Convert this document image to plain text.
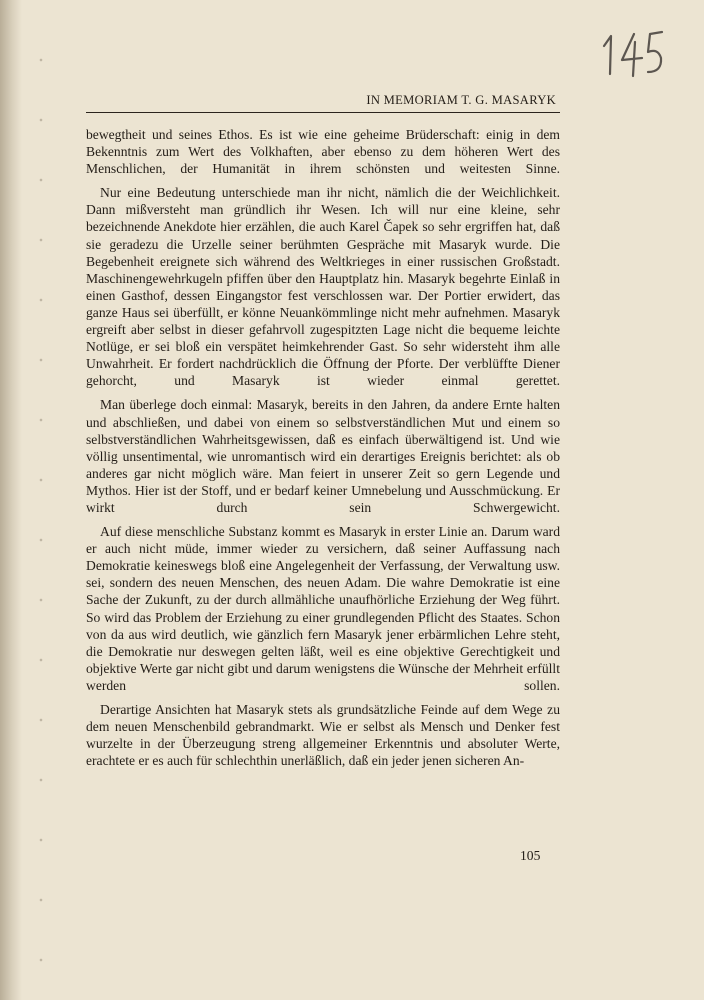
IN MEMORIAM T. G. MASARYK

bewegtheit und seines Ethos. Es ist wie eine geheime Brüderschaft: einig in dem Bekenntnis zum Wert des Volkhaften, aber ebenso zu dem höheren Wert des Menschlichen, der Humanität in ihrem schönsten und weitesten Sinne.

Nur eine Bedeutung unterschiede man ihr nicht, nämlich die der Weichlichkeit. Dann mißversteht man gründlich ihr Wesen. Ich will nur eine kleine, sehr bezeichnende Anekdote hier erzählen, die auch Karel Čapek so sehr ergriffen hat, daß sie geradezu die Urzelle seiner berühmten Gespräche mit Masaryk wurde. Die Begebenheit ereignete sich während des Weltkrieges in einer russischen Großstadt. Maschinengewehrkugeln pfiffen über den Hauptplatz hin. Masaryk begehrte Einlaß in einen Gasthof, dessen Eingangstor fest verschlossen war. Der Portier erwidert, das ganze Haus sei überfüllt, er könne Neuankömmlinge nicht mehr aufnehmen. Masaryk ergreift aber selbst in dieser gefahrvoll zugespitzten Lage nicht die bequeme leichte Notlüge, er sei bloß ein verspätet heimkehrender Gast. So sehr widersteht ihm alle Unwahrheit. Er fordert nachdrücklich die Öffnung der Pforte. Der verblüffte Diener gehorcht, und Masaryk ist wieder einmal gerettet.

Man überlege doch einmal: Masaryk, bereits in den Jahren, da andere Ernte halten und abschließen, und dabei von einem so selbstverständlichen Mut und einem so selbstverständlichen Wahrheitsgewissen, daß es einfach überwältigend ist. Und wie völlig unsentimental, wie unromantisch wird ein derartiges Ereignis berichtet: als ob anderes gar nicht möglich wäre. Man feiert in unserer Zeit so gern Legende und Mythos. Hier ist der Stoff, und er bedarf keiner Umnebelung und Ausschmückung. Er wirkt durch sein Schwergewicht.

Auf diese menschliche Substanz kommt es Masaryk in erster Linie an. Darum ward er auch nicht müde, immer wieder zu versichern, daß seiner Auffassung nach Demokratie keineswegs bloß eine Angelegenheit der Verfassung, der Verwaltung usw. sei, sondern des neuen Menschen, des neuen Adam. Die wahre Demokratie ist eine Sache der Zukunft, zu der durch allmähliche unaufhörliche Erziehung der Weg führt. So wird das Problem der Erziehung zu einer grundlegenden Pflicht des Staates. Schon von da aus wird deutlich, wie gänzlich fern Masaryk jener erbärmlichen Lehre steht, die Demokratie nur deswegen gelten läßt, weil es eine objektive Gerechtigkeit und objektive Werte gar nicht gibt und darum wenigstens die Wünsche der Mehrheit erfüllt werden sollen.

Derartige Ansichten hat Masaryk stets als grundsätzliche Feinde auf dem Wege zu dem neuen Menschenbild gebrandmarkt. Wie er selbst als Mensch und Denker fest wurzelte in der Überzeugung streng allgemeiner Erkenntnis und absoluter Werte, erachtete er es auch für schlechthin unerläßlich, daß ein jeder jenen sicheren An-

105
